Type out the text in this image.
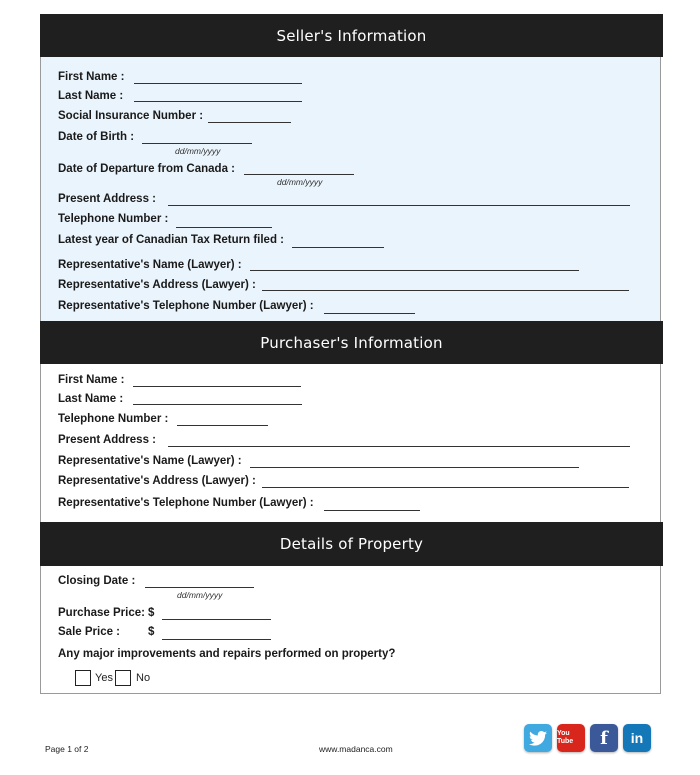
Seller's Information
First Name :
Last Name :
Social Insurance Number :
Date of Birth :
dd/mm/yyyy
Date of Departure from Canada :
dd/mm/yyyy
Present Address :
Telephone Number :
Latest year of Canadian Tax Return filed :
Representative's Name (Lawyer) :
Representative's Address (Lawyer) :
Representative's Telephone Number (Lawyer) :
Purchaser's Information
First Name :
Last Name :
Telephone Number :
Present Address :
Representative's Name (Lawyer) :
Representative's Address (Lawyer) :
Representative's Telephone Number (Lawyer) :
Details of Property
Closing Date :
dd/mm/yyyy
Purchase Price: $
Sale Price : $
Any major improvements and repairs performed on property?
Yes No
Page 1 of 2	www.madanca.com
You Tube	f in
